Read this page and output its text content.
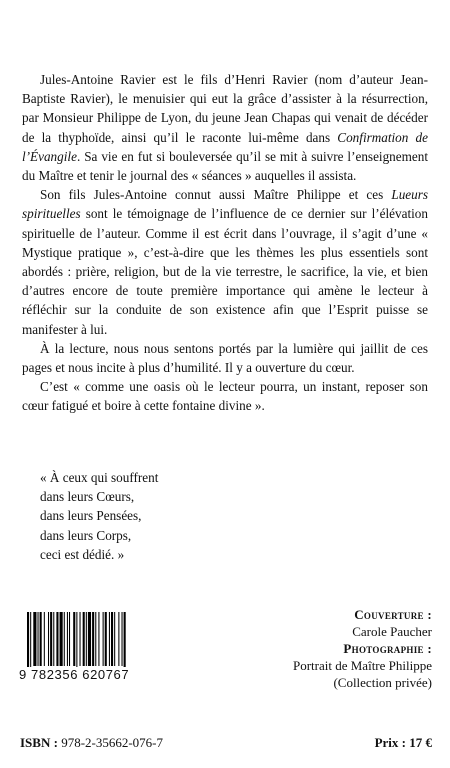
Jules-Antoine Ravier est le fils d’Henri Ravier (nom d’auteur Jean-Baptiste Ravier), le menuisier qui eut la grâce d’assister à la résurrection, par Monsieur Philippe de Lyon, du jeune Jean Chapas qui venait de décéder de la thyphoïde, ainsi qu’il le raconte lui-même dans Confirmation de l’Évangile. Sa vie en fut si bouleversée qu’il se mit à suivre l’enseignement du Maître et tenir le journal des « séances » auquelles il assista.

Son fils Jules-Antoine connut aussi Maître Philippe et ces Lueurs spirituelles sont le témoignage de l’influence de ce dernier sur l’élévation spirituelle de l’auteur. Comme il est écrit dans l’ouvrage, il s’agit d’une « Mystique pratique », c’est-à-dire que les thèmes les plus essentiels sont abordés : prière, religion, but de la vie terrestre, le sacrifice, la vie, et bien d’autres encore de toute première importance qui amène le lecteur à réfléchir sur la conduite de son existence afin que l’Esprit puisse se manifester à lui.

À la lecture, nous nous sentons portés par la lumière qui jaillit de ces pages et nous incite à plus d’humilité. Il y a ouverture du cœur.

C’est « comme une oasis où le lecteur pourra, un instant, reposer son cœur fatigué et boire à cette fontaine divine ».

« À ceux qui souffrent
dans leurs Cœurs,
dans leurs Pensées,
dans leurs Corps,
ceci est dédié. »
9 782356 620767
Couverture :
Carole Paucher
Photographie :
Portrait de Maître Philippe
(Collection privée)
ISBN : 978-2-35662-076-7	Prix : 17 €
